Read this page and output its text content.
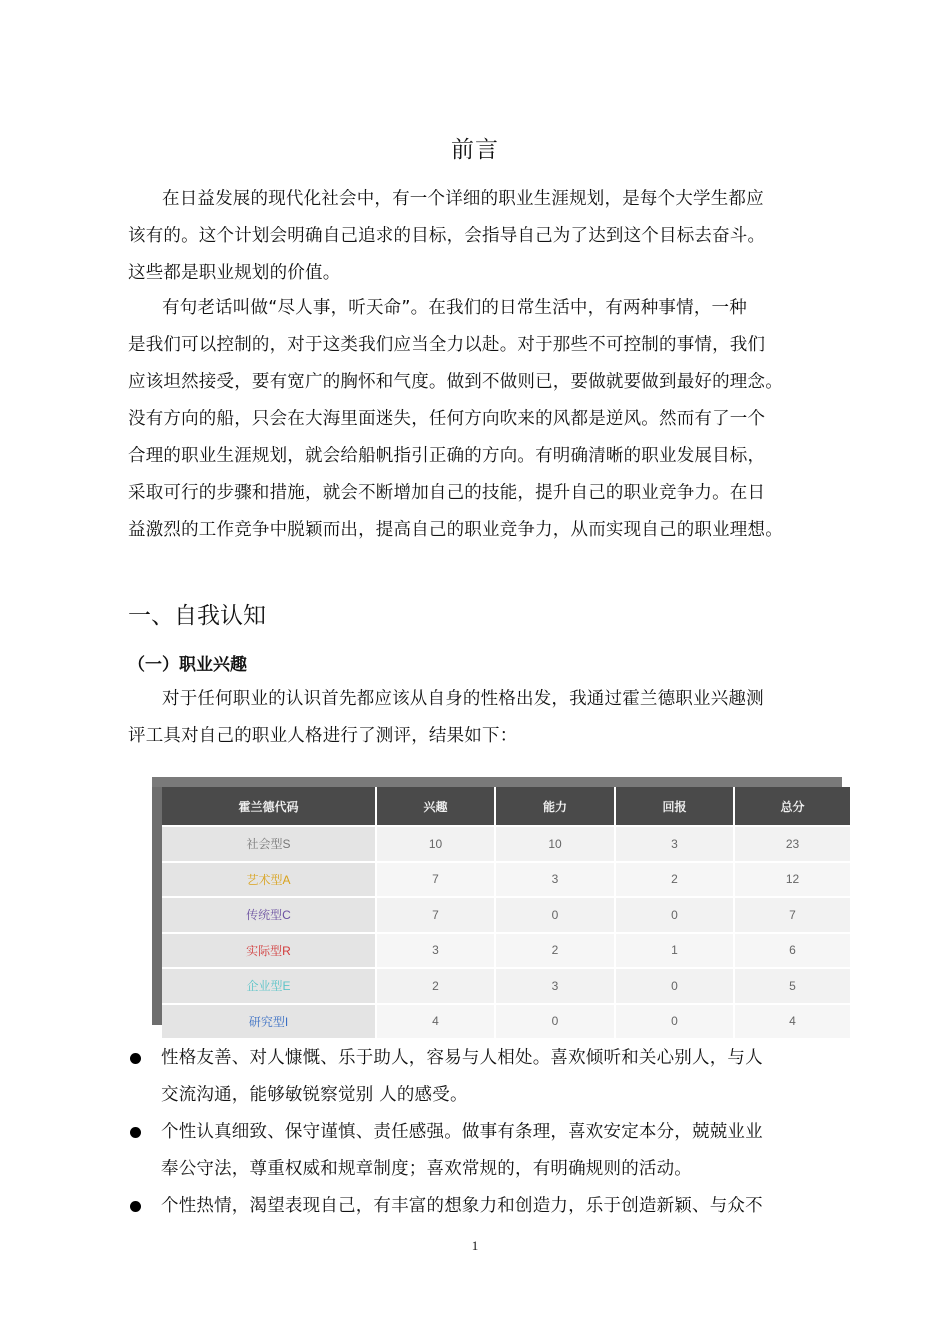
前言

在日益发展的现代化社会中，有一个详细的职业生涯规划，是每个大学生都应
该有的。这个计划会明确自己追求的目标，会指导自己为了达到这个目标去奋斗。
这些都是职业规划的价值。

有句老话叫做“尽人事，听天命”。在我们的日常生活中，有两种事情，一种
是我们可以控制的，对于这类我们应当全力以赴。对于那些不可控制的事情，我们
应该坦然接受，要有宽广的胸怀和气度。做到不做则已，要做就要做到最好的理念。
没有方向的船，只会在大海里面迷失，任何方向吹来的风都是逆风。然而有了一个
合理的职业生涯规划，就会给船帆指引正确的方向。有明确清晰的职业发展目标，
采取可行的步骤和措施，就会不断增加自己的技能，提升自己的职业竞争力。在日
益激烈的工作竞争中脱颖而出，提高自己的职业竞争力，从而实现自己的职业理想。

一、自我认知
（一）职业兴趣

对于任何职业的认识首先都应该从自身的性格出发，我通过霍兰德职业兴趣测
评工具对自己的职业人格进行了测评，结果如下：

霍兰德代码	兴趣	能力	回报	总分
社会型S	10	10	3	23
艺术型A	7	3	2	12
传统型C	7	0	0	7
实际型R	3	2	1	6
企业型E	2	3	0	5
研究型I	4	0	0	4
性格友善、对人慷慨、乐于助人，容易与人相处。喜欢倾听和关心别人，与人
交流沟通，能够敏锐察觉别 人的感受。
个性认真细致、保守谨慎、责任感强。做事有条理，喜欢安定本分，兢兢业业
奉公守法，尊重权威和规章制度；喜欢常规的，有明确规则的活动。
个性热情，渴望表现自己，有丰富的想象力和创造力，乐于创造新颖、与众不
1
